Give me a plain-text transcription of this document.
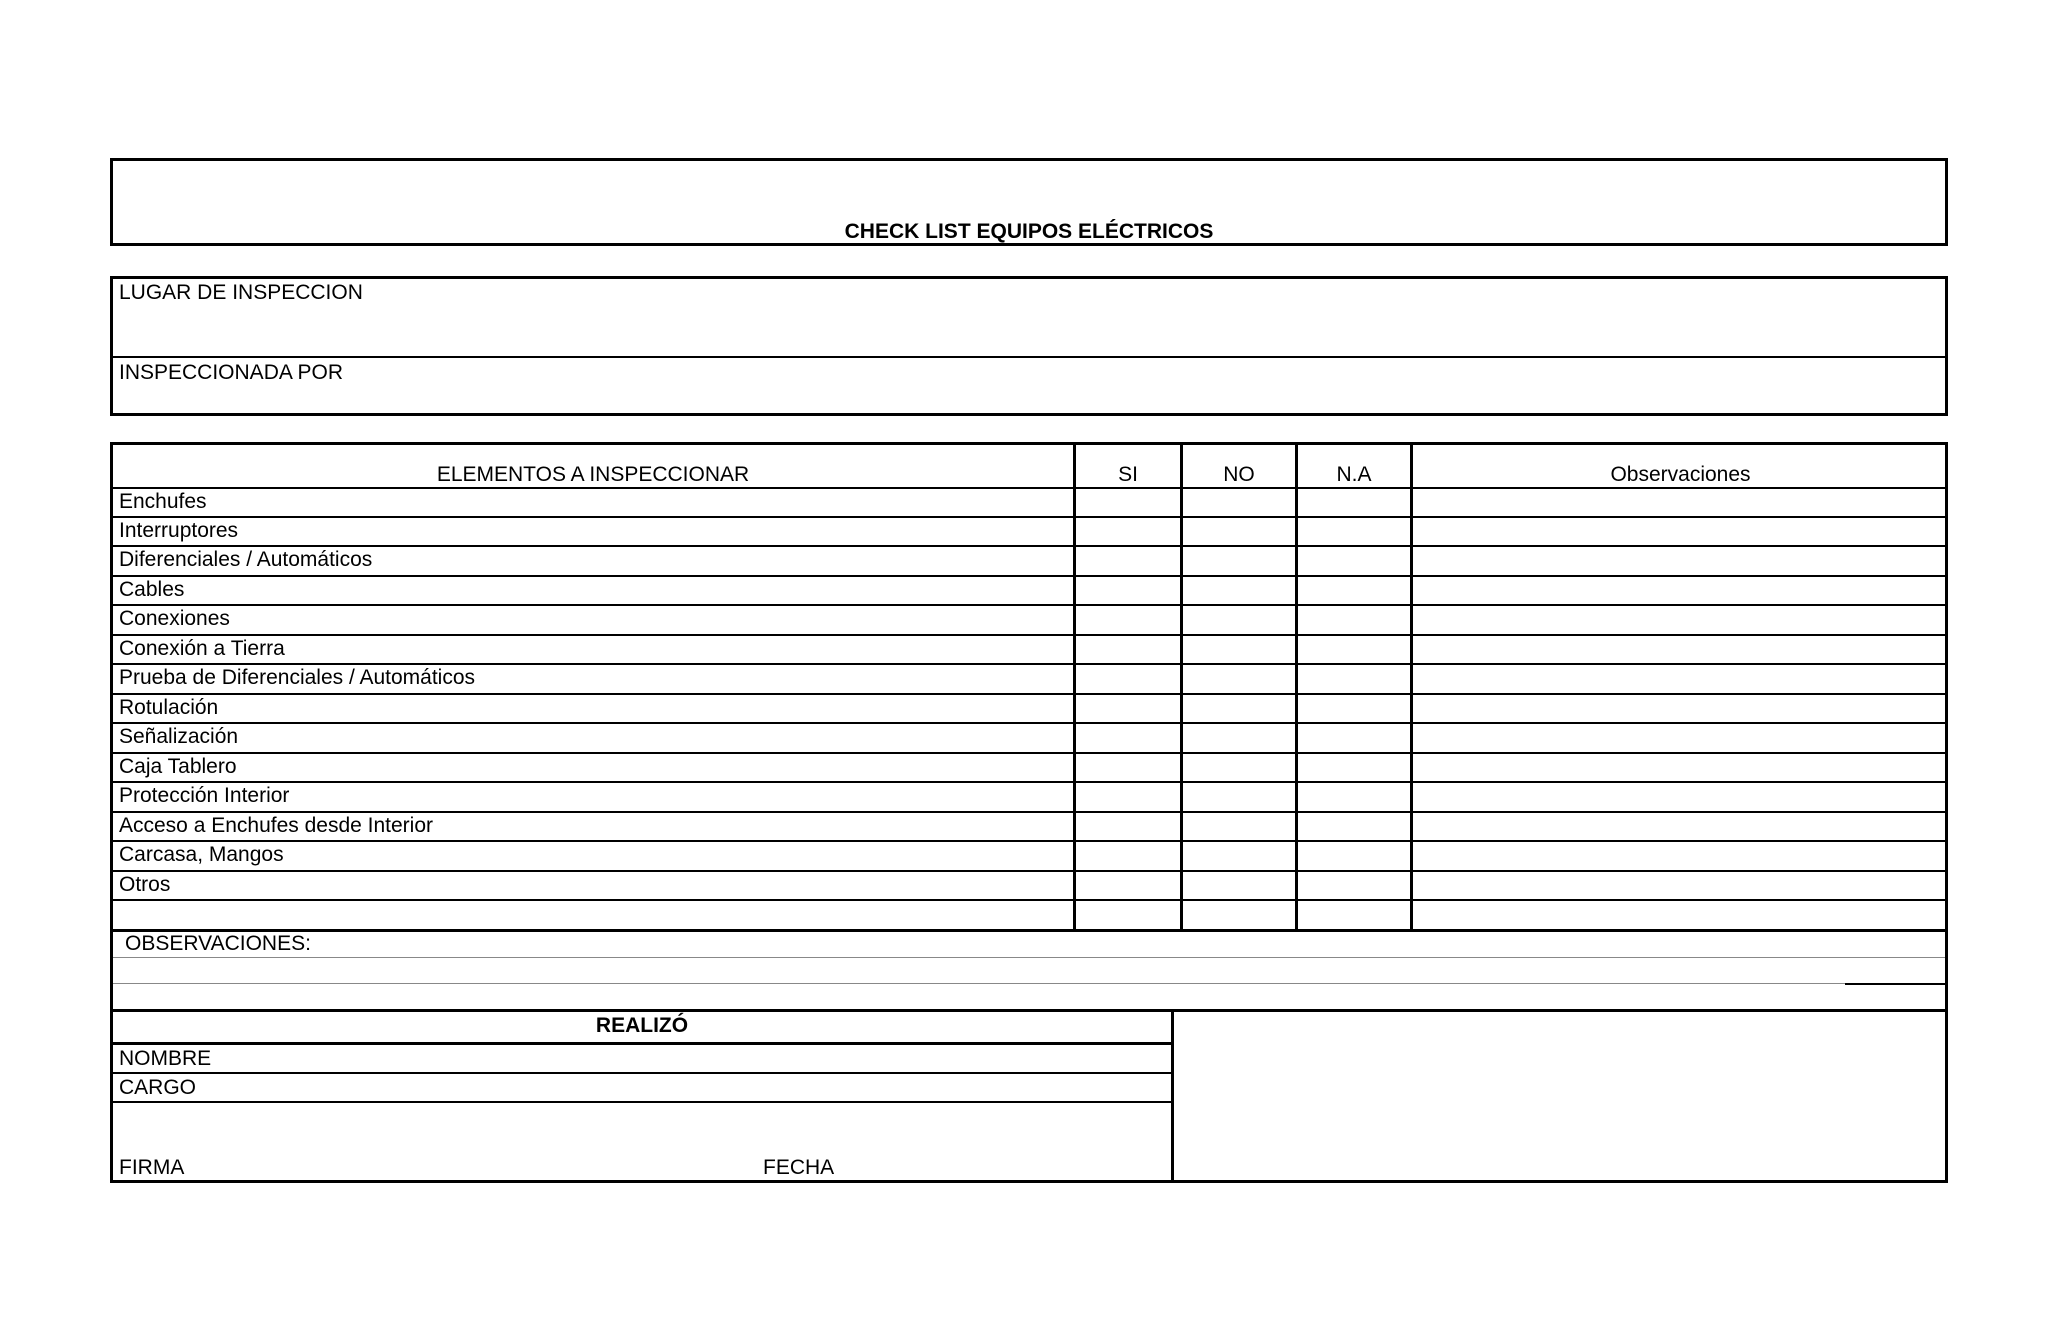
CHECK LIST EQUIPOS ELÉCTRICOS
LUGAR DE INSPECCION
INSPECCIONADA POR
ELEMENTOS A INSPECCIONAR	SI	NO	N.A	Observaciones
Enchufes
Interruptores
Diferenciales / Automáticos
Cables
Conexiones
Conexión a Tierra
Prueba de Diferenciales / Automáticos
Rotulación
Señalización
Caja Tablero
Protección Interior
Acceso a Enchufes desde Interior
Carcasa, Mangos
Otros
OBSERVACIONES:
REALIZÓ
NOMBRE
CARGO
FIRMA	FECHA
